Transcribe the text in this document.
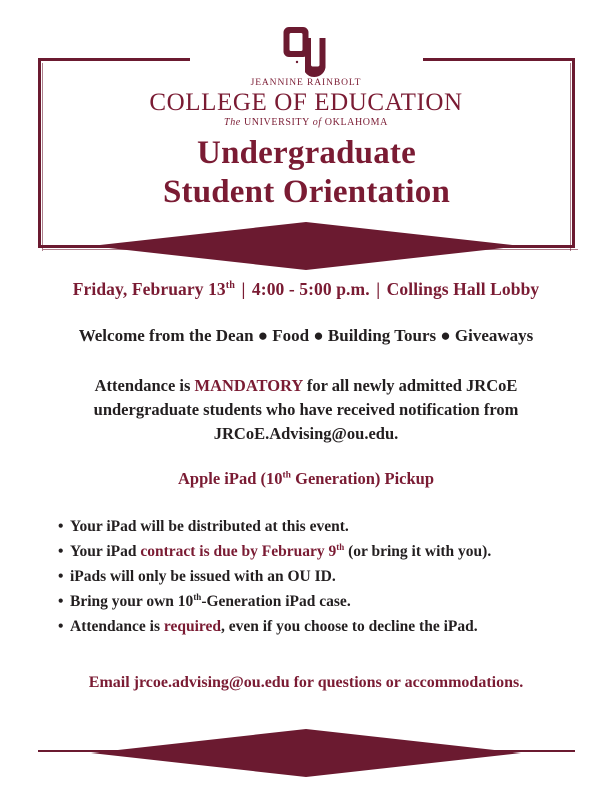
JEANNINE RAINBOLT
COLLEGE OF EDUCATION
The UNIVERSITY of OKLAHOMA
Undergraduate
Student Orientation
Friday, February 13th | 4:00 - 5:00 p.m. | Collings Hall Lobby
Welcome from the Dean ● Food ● Building Tours ● Giveaways
Attendance is MANDATORY for all newly admitted JRCoE undergraduate students who have received notification from JRCoE.Advising@ou.edu.
Apple iPad (10th Generation) Pickup
• Your iPad will be distributed at this event.
• Your iPad contract is due by February 9th (or bring it with you).
• iPads will only be issued with an OU ID.
• Bring your own 10th-Generation iPad case.
• Attendance is required, even if you choose to decline the iPad.
Email jrcoe.advising@ou.edu for questions or accommodations.
